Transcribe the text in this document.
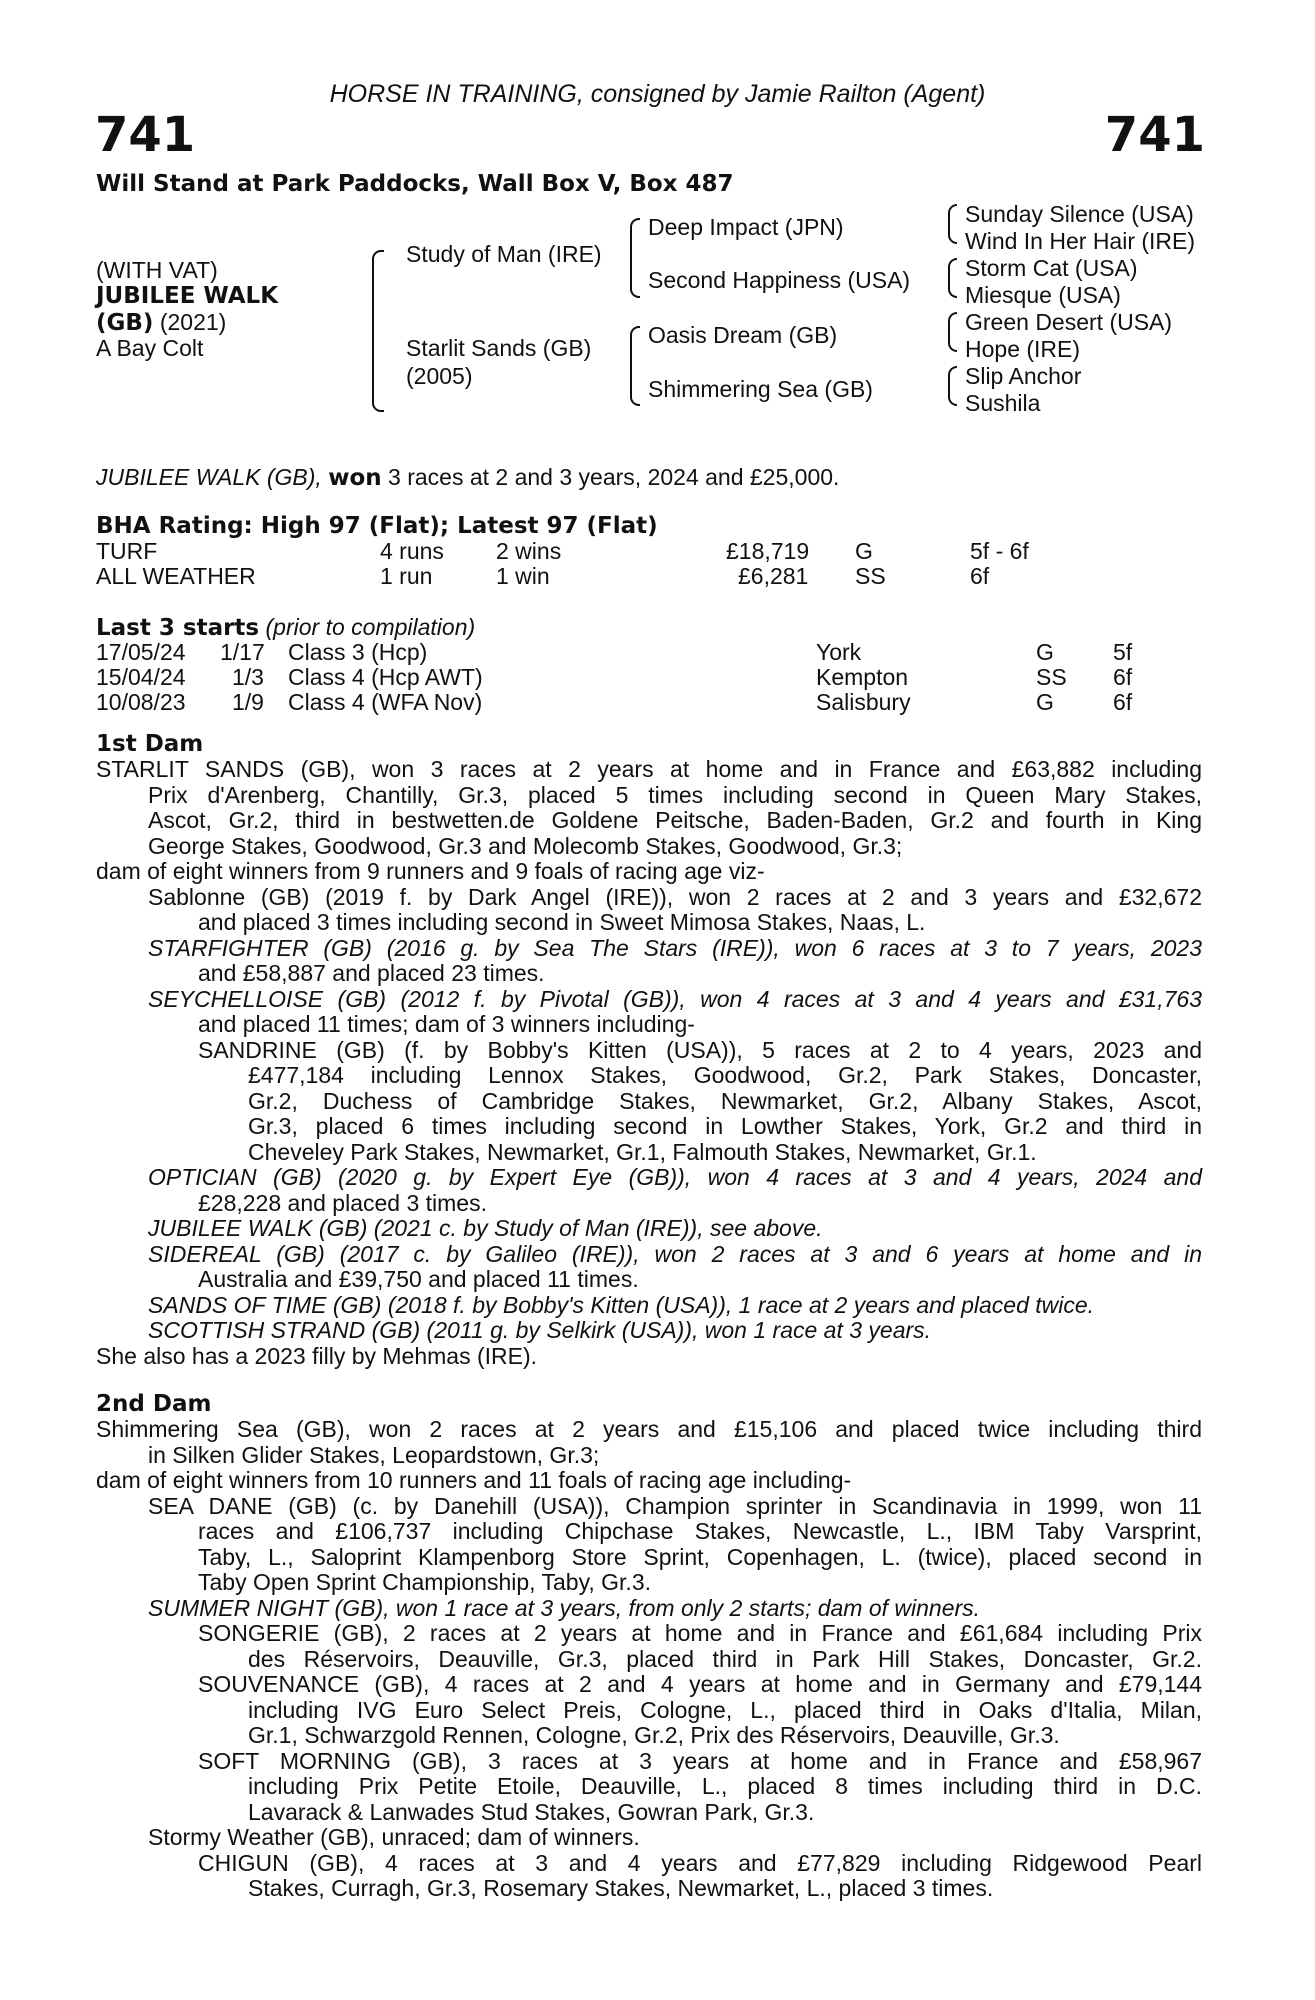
HORSE IN TRAINING, consigned by Jamie Railton (Agent)
741	741
Will Stand at Park Paddocks, Wall Box V, Box 487
(WITH VAT)
JUBILEE WALK
(GB) (2021)
A Bay Colt
Study of Man (IRE)
Starlit Sands (GB)
(2005)
Deep Impact (JPN)
Second Happiness (USA)
Oasis Dream (GB)
Shimmering Sea (GB)
Sunday Silence (USA)
Wind In Her Hair (IRE)
Storm Cat (USA)
Miesque (USA)
Green Desert (USA)
Hope (IRE)
Slip Anchor
Sushila
JUBILEE WALK (GB), won 3 races at 2 and 3 years, 2024 and £25,000.
BHA Rating: High 97 (Flat); Latest 97 (Flat)
TURF	4 runs 2 wins	£18,719 G	5f - 6f
ALL WEATHER	1 run	1 win	£6,281 SS	6f
Last 3 starts (prior to compilation)
17/05/24 1/17 Class 3 (Hcp)	York	G	5f
15/04/24 1/3 Class 4 (Hcp AWT)	Kempton	SS 6f
10/08/23 1/9 Class 4 (WFA Nov)	Salisbury	G	6f
1st Dam
STARLIT SANDS (GB), won 3 races at 2 years at home and in France and £63,882 including
Prix d'Arenberg, Chantilly, Gr.3, placed 5 times including second in Queen Mary Stakes,
Ascot, Gr.2, third in bestwetten.de Goldene Peitsche, Baden-Baden, Gr.2 and fourth in King
George Stakes, Goodwood, Gr.3 and Molecomb Stakes, Goodwood, Gr.3;
dam of eight winners from 9 runners and 9 foals of racing age viz-
Sablonne (GB) (2019 f. by Dark Angel (IRE)), won 2 races at 2 and 3 years and £32,672
and placed 3 times including second in Sweet Mimosa Stakes, Naas, L.
STARFIGHTER (GB) (2016 g. by Sea The Stars (IRE)), won 6 races at 3 to 7 years, 2023
and £58,887 and placed 23 times.
SEYCHELLOISE (GB) (2012 f. by Pivotal (GB)), won 4 races at 3 and 4 years and £31,763
and placed 11 times; dam of 3 winners including-
SANDRINE (GB) (f. by Bobby's Kitten (USA)), 5 races at 2 to 4 years, 2023 and
£477,184 including Lennox Stakes, Goodwood, Gr.2, Park Stakes, Doncaster,
Gr.2, Duchess of Cambridge Stakes, Newmarket, Gr.2, Albany Stakes, Ascot,
Gr.3, placed 6 times including second in Lowther Stakes, York, Gr.2 and third in
Cheveley Park Stakes, Newmarket, Gr.1, Falmouth Stakes, Newmarket, Gr.1.
OPTICIAN (GB) (2020 g. by Expert Eye (GB)), won 4 races at 3 and 4 years, 2024 and
£28,228 and placed 3 times.
JUBILEE WALK (GB) (2021 c. by Study of Man (IRE)), see above.
SIDEREAL (GB) (2017 c. by Galileo (IRE)), won 2 races at 3 and 6 years at home and in
Australia and £39,750 and placed 11 times.
SANDS OF TIME (GB) (2018 f. by Bobby's Kitten (USA)), 1 race at 2 years and placed twice.
SCOTTISH STRAND (GB) (2011 g. by Selkirk (USA)), won 1 race at 3 years.
She also has a 2023 filly by Mehmas (IRE).
2nd Dam
Shimmering Sea (GB), won 2 races at 2 years and £15,106 and placed twice including third
in Silken Glider Stakes, Leopardstown, Gr.3;
dam of eight winners from 10 runners and 11 foals of racing age including-
SEA DANE (GB) (c. by Danehill (USA)), Champion sprinter in Scandinavia in 1999, won 11
races and £106,737 including Chipchase Stakes, Newcastle, L., IBM Taby Varsprint,
Taby, L., Saloprint Klampenborg Store Sprint, Copenhagen, L. (twice), placed second in
Taby Open Sprint Championship, Taby, Gr.3.
SUMMER NIGHT (GB), won 1 race at 3 years, from only 2 starts; dam of winners.
SONGERIE (GB), 2 races at 2 years at home and in France and £61,684 including Prix
des Réservoirs, Deauville, Gr.3, placed third in Park Hill Stakes, Doncaster, Gr.2.
SOUVENANCE (GB), 4 races at 2 and 4 years at home and in Germany and £79,144
including IVG Euro Select Preis, Cologne, L., placed third in Oaks d'Italia, Milan,
Gr.1, Schwarzgold Rennen, Cologne, Gr.2, Prix des Réservoirs, Deauville, Gr.3.
SOFT MORNING (GB), 3 races at 3 years at home and in France and £58,967
including Prix Petite Etoile, Deauville, L., placed 8 times including third in D.C.
Lavarack & Lanwades Stud Stakes, Gowran Park, Gr.3.
Stormy Weather (GB), unraced; dam of winners.
CHIGUN (GB), 4 races at 3 and 4 years and £77,829 including Ridgewood Pearl
Stakes, Curragh, Gr.3, Rosemary Stakes, Newmarket, L., placed 3 times.
